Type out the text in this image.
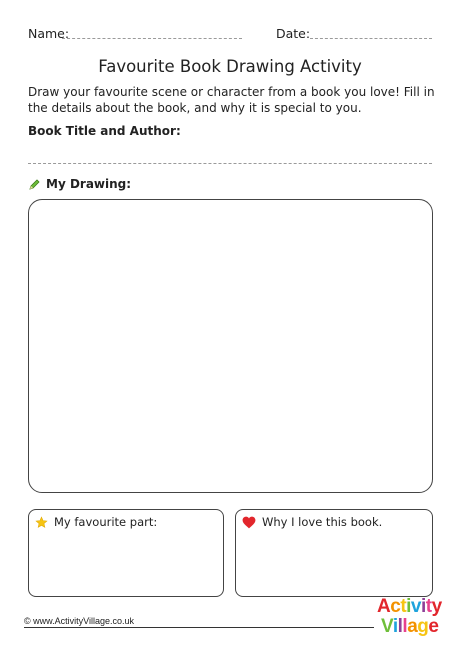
Name:	Date:
Favourite Book Drawing Activity
Draw your favourite scene or character from a book you love! Fill in the details about the book, and why it is special to you.
Book Title and Author:
My Drawing:
My favourite part:	Why I love this book.
© www.ActivityVillage.co.uk
Activity
Village
